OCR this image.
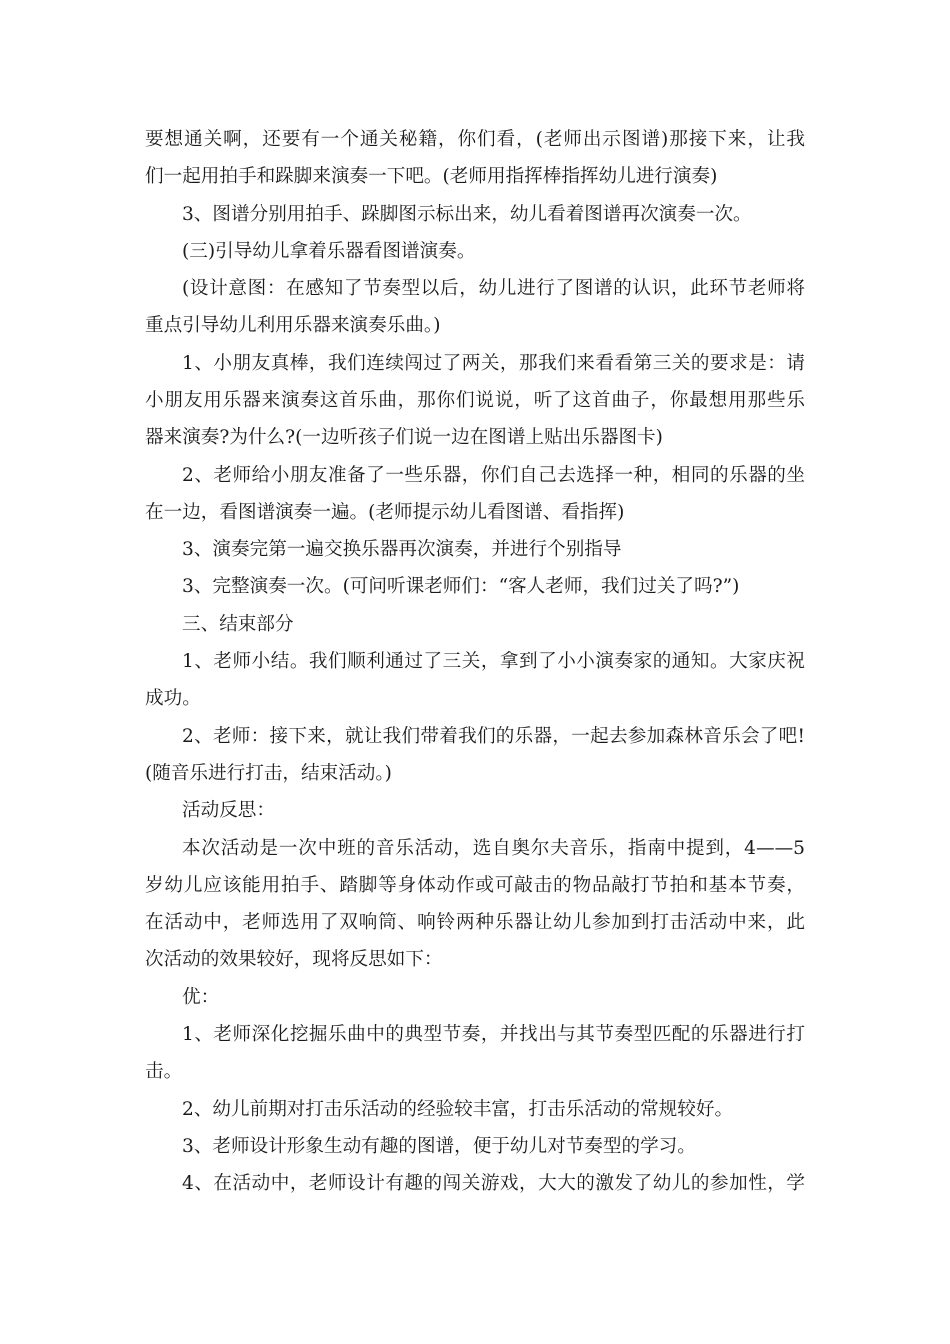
要想通关啊，还要有一个通关秘籍，你们看，(老师出示图谱)那接下来，让我
们一起用拍手和跺脚来演奏一下吧。(老师用指挥棒指挥幼儿进行演奏)
3、图谱分别用拍手、跺脚图示标出来，幼儿看着图谱再次演奏一次。
(三)引导幼儿拿着乐器看图谱演奏。
(设计意图：在感知了节奏型以后，幼儿进行了图谱的认识，此环节老师将
重点引导幼儿利用乐器来演奏乐曲。)
1、小朋友真棒，我们连续闯过了两关，那我们来看看第三关的要求是：请
小朋友用乐器来演奏这首乐曲，那你们说说，听了这首曲子，你最想用那些乐
器来演奏?为什么?(一边听孩子们说一边在图谱上贴出乐器图卡)
2、老师给小朋友准备了一些乐器，你们自己去选择一种，相同的乐器的坐
在一边，看图谱演奏一遍。(老师提示幼儿看图谱、看指挥)
3、演奏完第一遍交换乐器再次演奏，并进行个别指导
3、完整演奏一次。(可问听课老师们：“客人老师，我们过关了吗?”)
三、结束部分
1、老师小结。我们顺利通过了三关，拿到了小小演奏家的通知。大家庆祝
成功。
2、老师：接下来，就让我们带着我们的乐器，一起去参加森林音乐会了吧!
(随音乐进行打击，结束活动。)
活动反思：
本次活动是一次中班的音乐活动，选自奥尔夫音乐，指南中提到，4——5
岁幼儿应该能用拍手、踏脚等身体动作或可敲击的物品敲打节拍和基本节奏，
在活动中，老师选用了双响筒、响铃两种乐器让幼儿参加到打击活动中来，此
次活动的效果较好，现将反思如下：
优：
1、老师深化挖掘乐曲中的典型节奏，并找出与其节奏型匹配的乐器进行打
击。
2、幼儿前期对打击乐活动的经验较丰富，打击乐活动的常规较好。
3、老师设计形象生动有趣的图谱，便于幼儿对节奏型的学习。
4、在活动中，老师设计有趣的闯关游戏，大大的激发了幼儿的参加性，学
